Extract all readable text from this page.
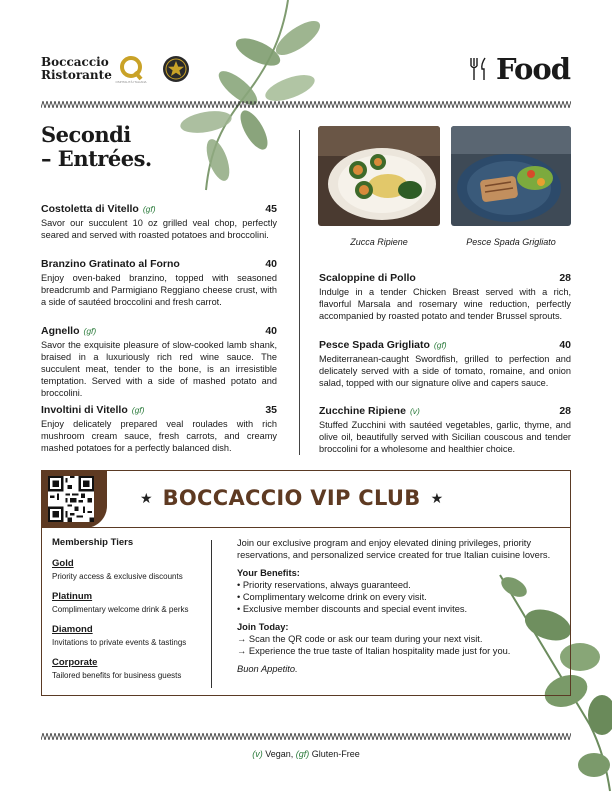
Boccaccio
Ristorante	OSPITALITÀ ITALIANA	Food
Secondi
– Entrées.
Costoletta di Vitello (gf)	45
Savor our succulent 10 oz grilled veal chop, perfectly seared and served with roasted potatoes and broccolini.
Branzino Gratinato al Forno	40
Enjoy oven-baked branzino, topped with seasoned breadcrumb and Parmigiano Reggiano cheese crust, with a side of sautéed broccolini and fresh carrot.
Agnello (gf)	40
Savor the exquisite pleasure of slow-cooked lamb shank, braised in a luxuriously rich red wine sauce. The succulent meat, tender to the bone, is an irresistible temptation. Served with a side of mashed potato and broccolini.
Involtini di Vitello (gf)	35
Enjoy delicately prepared veal roulades with rich mushroom cream sauce, fresh carrots, and creamy mashed potatoes for a perfectly balanced dish.
Zucca Ripiene	Pesce Spada Grigliato
Scaloppine di Pollo	28
Indulge in a tender Chicken Breast served with a rich, flavorful Marsala and rosemary wine reduction, perfectly accompanied by roasted potato and tender Brussel sprouts.
Pesce Spada Grigliato (gf)	40
Mediterranean-caught Swordfish, grilled to perfection and delicately served with a side of tomato, romaine, and onion salad, topped with our signature olive and capers sauce.
Zucchine Ripiene (v)	28
Stuffed Zucchini with sautéed vegetables, garlic, thyme, and olive oil, beautifully served with Sicilian couscous and tender broccolini for a wholesome and healthier choice.
★ BOCCACCIO VIP CLUB ★
Membership Tiers
Gold
Priority access & exclusive discounts
Platinum
Complimentary welcome drink & perks
Diamond
Invitations to private events & tastings
Corporate
Tailored benefits for business guests
Join our exclusive program and enjoy elevated dining privileges, priority reservations, and personalized service created for true Italian cuisine lovers.
Your Benefits:
• Priority reservations, always guaranteed.
• Complimentary welcome drink on every visit.
• Exclusive member discounts and special event invites.
Join Today:
→ Scan the QR code or ask our team during your next visit.
→ Experience the true taste of Italian hospitality made just for you.
Buon Appetito.
(v) Vegan, (gf) Gluten-Free
